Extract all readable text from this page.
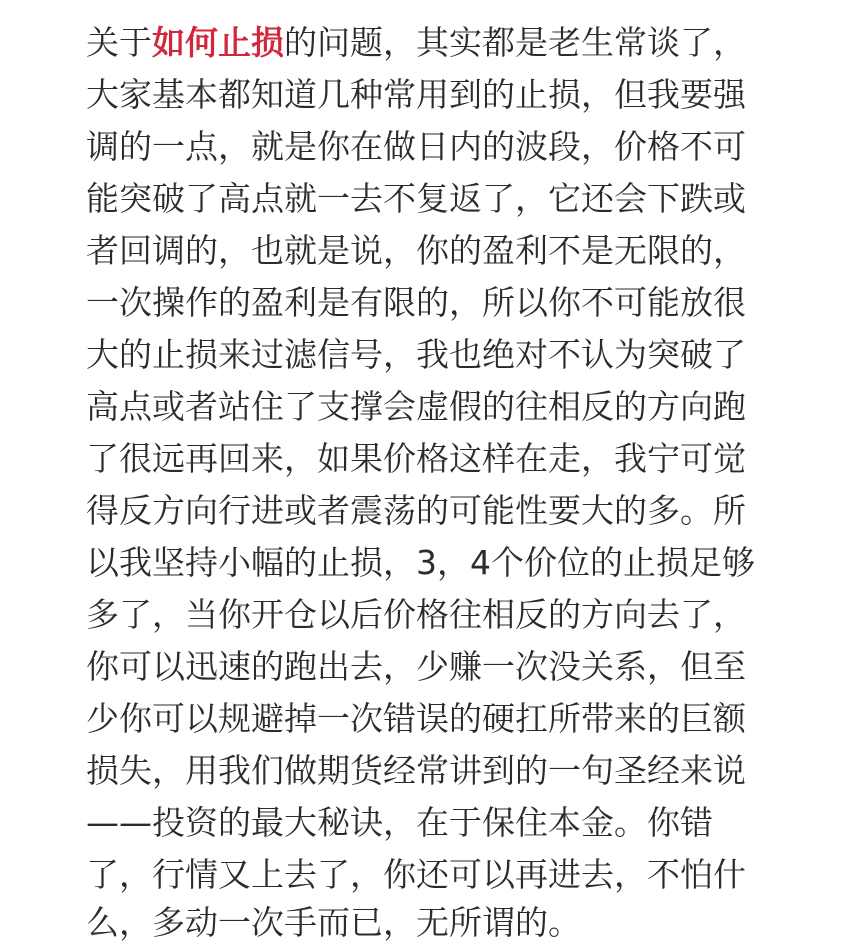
关于如何止损的问题，其实都是老生常谈了，
大家基本都知道几种常用到的止损，但我要强
调的一点，就是你在做日内的波段，价格不可
能突破了高点就一去不复返了，它还会下跌或
者回调的，也就是说，你的盈利不是无限的，
一次操作的盈利是有限的，所以你不可能放很
大的止损来过滤信号，我也绝对不认为突破了
高点或者站住了支撑会虚假的往相反的方向跑
了很远再回来，如果价格这样在走，我宁可觉
得反方向行进或者震荡的可能性要大的多。所
以我坚持小幅的止损，3，4个价位的止损足够
多了，当你开仓以后价格往相反的方向去了，
你可以迅速的跑出去，少赚一次没关系，但至
少你可以规避掉一次错误的硬扛所带来的巨额
损失，用我们做期货经常讲到的一句圣经来说
——投资的最大秘诀，在于保住本金。你错
了，行情又上去了，你还可以再进去，不怕什
么，多动一次手而已，无所谓的。
